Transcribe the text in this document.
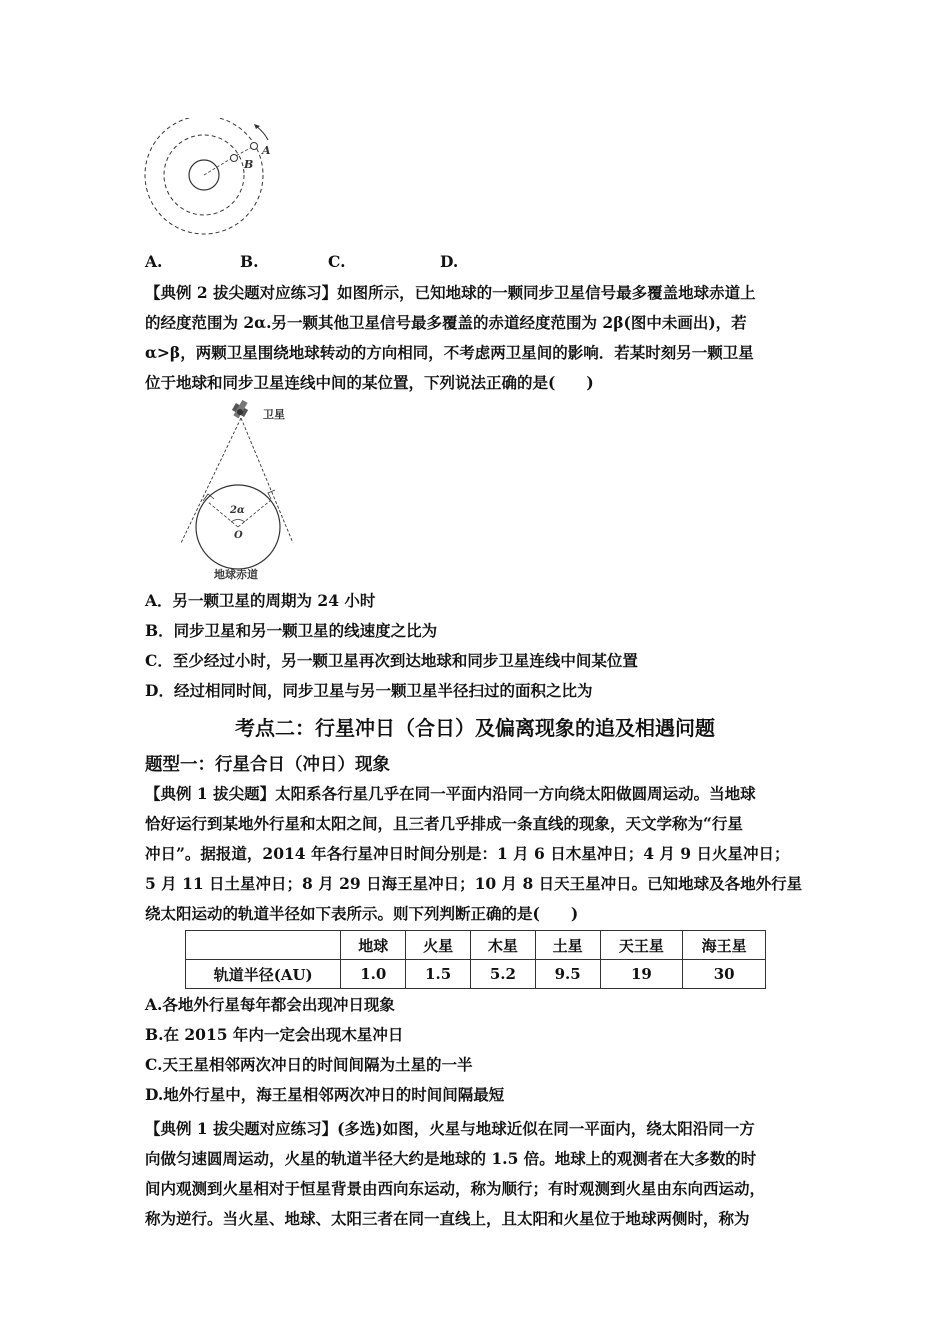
A
B
A.	B.	C.	D.

【典例 2 拔尖题对应练习】如图所示，已知地球的一颗同步卫星信号最多覆盖地球赤道上

的经度范围为 2α.另一颗其他卫星信号最多覆盖的赤道经度范围为 2β(图中未画出)，若

α>β，两颗卫星围绕地球转动的方向相同，不考虑两卫星间的影响．若某时刻另一颗卫星

位于地球和同步卫星连线中间的某位置，下列说法正确的是(　　)

卫星
2α
O
地球赤道

A．另一颗卫星的周期为 24 小时

B．同步卫星和另一颗卫星的线速度之比为

C．至少经过小时，另一颗卫星再次到达地球和同步卫星连线中间某位置

D．经过相同时间，同步卫星与另一颗卫星半径扫过的面积之比为

考点二：行星冲日（合日）及偏离现象的追及相遇问题
题型一：行星合日（冲日）现象

【典例 1 拔尖题】太阳系各行星几乎在同一平面内沿同一方向绕太阳做圆周运动。当地球

恰好运行到某地外行星和太阳之间，且三者几乎排成一条直线的现象，天文学称为“行星

冲日”。据报道，2014 年各行星冲日时间分别是：1 月 6 日木星冲日；4 月 9 日火星冲日；

5 月 11 日土星冲日；8 月 29 日海王星冲日；10 月 8 日天王星冲日。已知地球及各地外行星

绕太阳运动的轨道半径如下表所示。则下列判断正确的是(　　)

	地球	火星	木星	土星	天王星	海王星
轨道半径(AU)	1.0	1.5	5.2	9.5	19	30

A.各地外行星每年都会出现冲日现象

B.在 2015 年内一定会出现木星冲日

C.天王星相邻两次冲日的时间间隔为土星的一半

D.地外行星中，海王星相邻两次冲日的时间间隔最短

【典例 1 拔尖题对应练习】(多选)如图，火星与地球近似在同一平面内，绕太阳沿同一方

向做匀速圆周运动，火星的轨道半径大约是地球的 1.5 倍。地球上的观测者在大多数的时

间内观测到火星相对于恒星背景由西向东运动，称为顺行；有时观测到火星由东向西运动，

称为逆行。当火星、地球、太阳三者在同一直线上，且太阳和火星位于地球两侧时，称为
